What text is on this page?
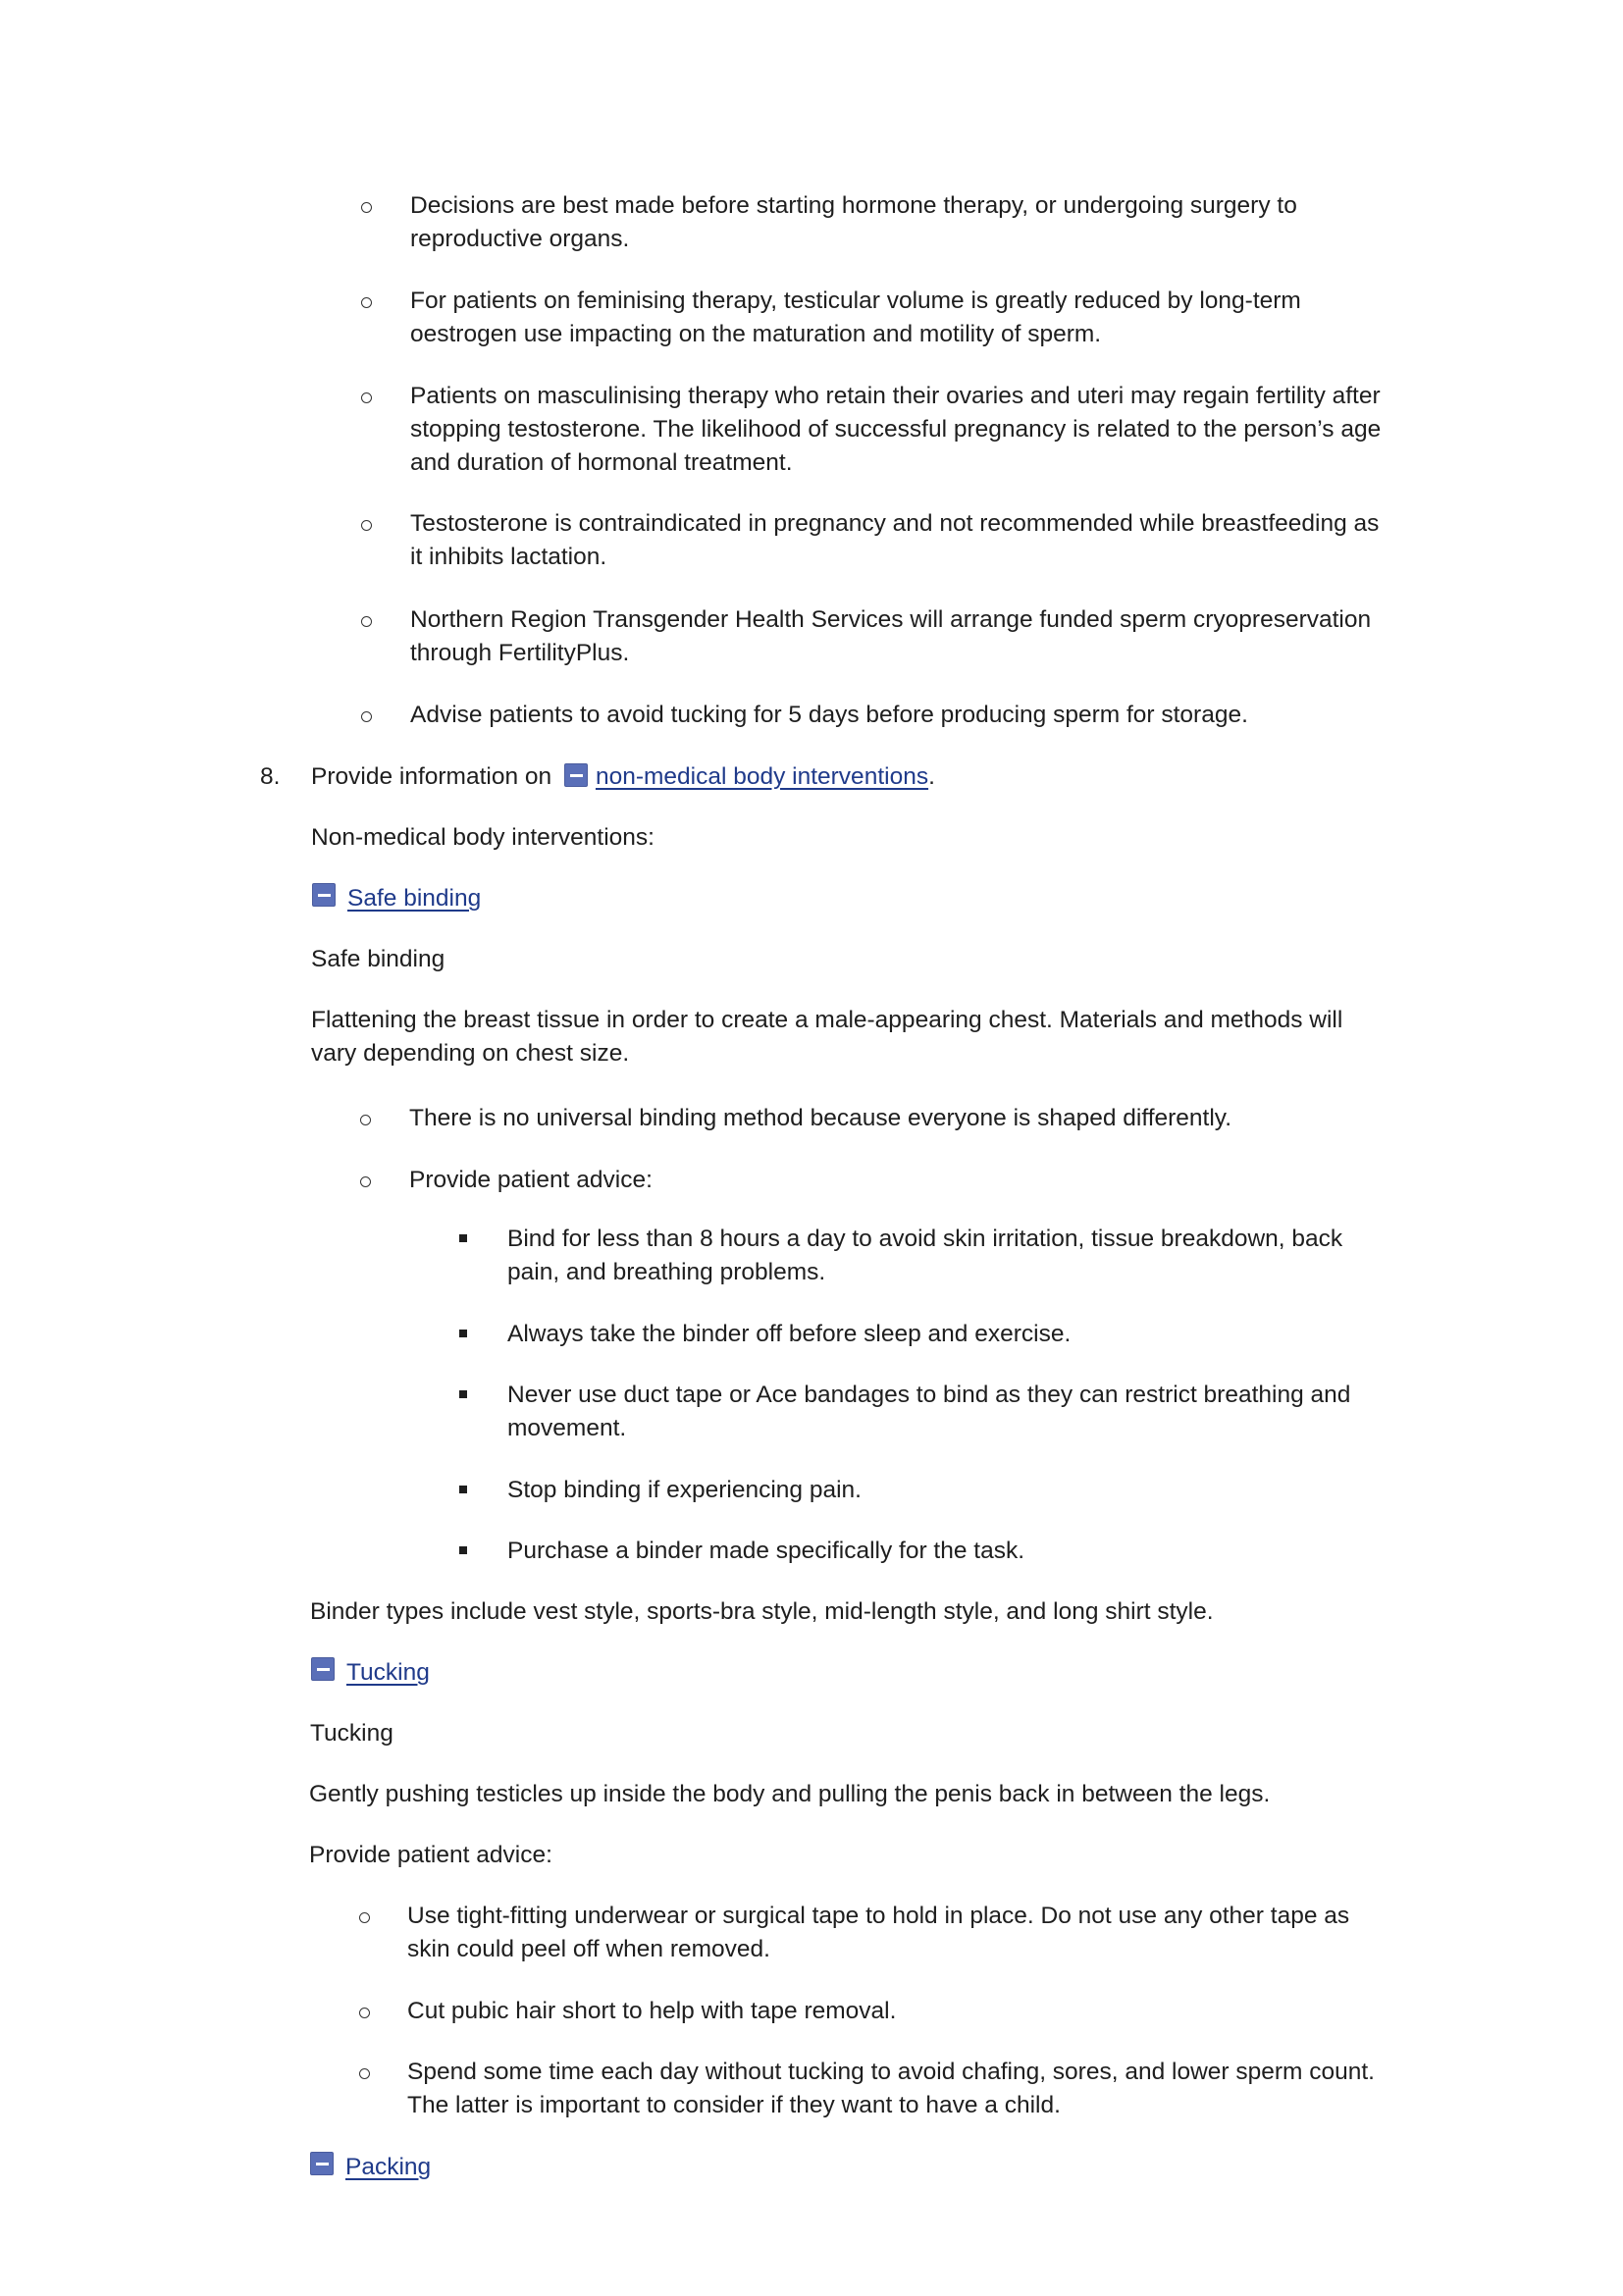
Decisions are best made before starting hormone therapy, or undergoing surgery to reproductive organs.
For patients on feminising therapy, testicular volume is greatly reduced by long-term oestrogen use impacting on the maturation and motility of sperm.
Patients on masculinising therapy who retain their ovaries and uteri may regain fertility after stopping testosterone. The likelihood of successful pregnancy is related to the person’s age and duration of hormonal treatment.
Testosterone is contraindicated in pregnancy and not recommended while breastfeeding as it inhibits lactation.
Northern Region Transgender Health Services will arrange funded sperm cryopreservation through FertilityPlus.
Advise patients to avoid tucking for 5 days before producing sperm for storage.
8. Provide information on non-medical body interventions.
Non-medical body interventions:
Safe binding
Safe binding
Flattening the breast tissue in order to create a male-appearing chest. Materials and methods will vary depending on chest size.
There is no universal binding method because everyone is shaped differently.
Provide patient advice:
Bind for less than 8 hours a day to avoid skin irritation, tissue breakdown, back pain, and breathing problems.
Always take the binder off before sleep and exercise.
Never use duct tape or Ace bandages to bind as they can restrict breathing and movement.
Stop binding if experiencing pain.
Purchase a binder made specifically for the task.
Binder types include vest style, sports-bra style, mid-length style, and long shirt style.
Tucking
Tucking
Gently pushing testicles up inside the body and pulling the penis back in between the legs.
Provide patient advice:
Use tight-fitting underwear or surgical tape to hold in place. Do not use any other tape as skin could peel off when removed.
Cut pubic hair short to help with tape removal.
Spend some time each day without tucking to avoid chafing, sores, and lower sperm count. The latter is important to consider if they want to have a child.
Packing
